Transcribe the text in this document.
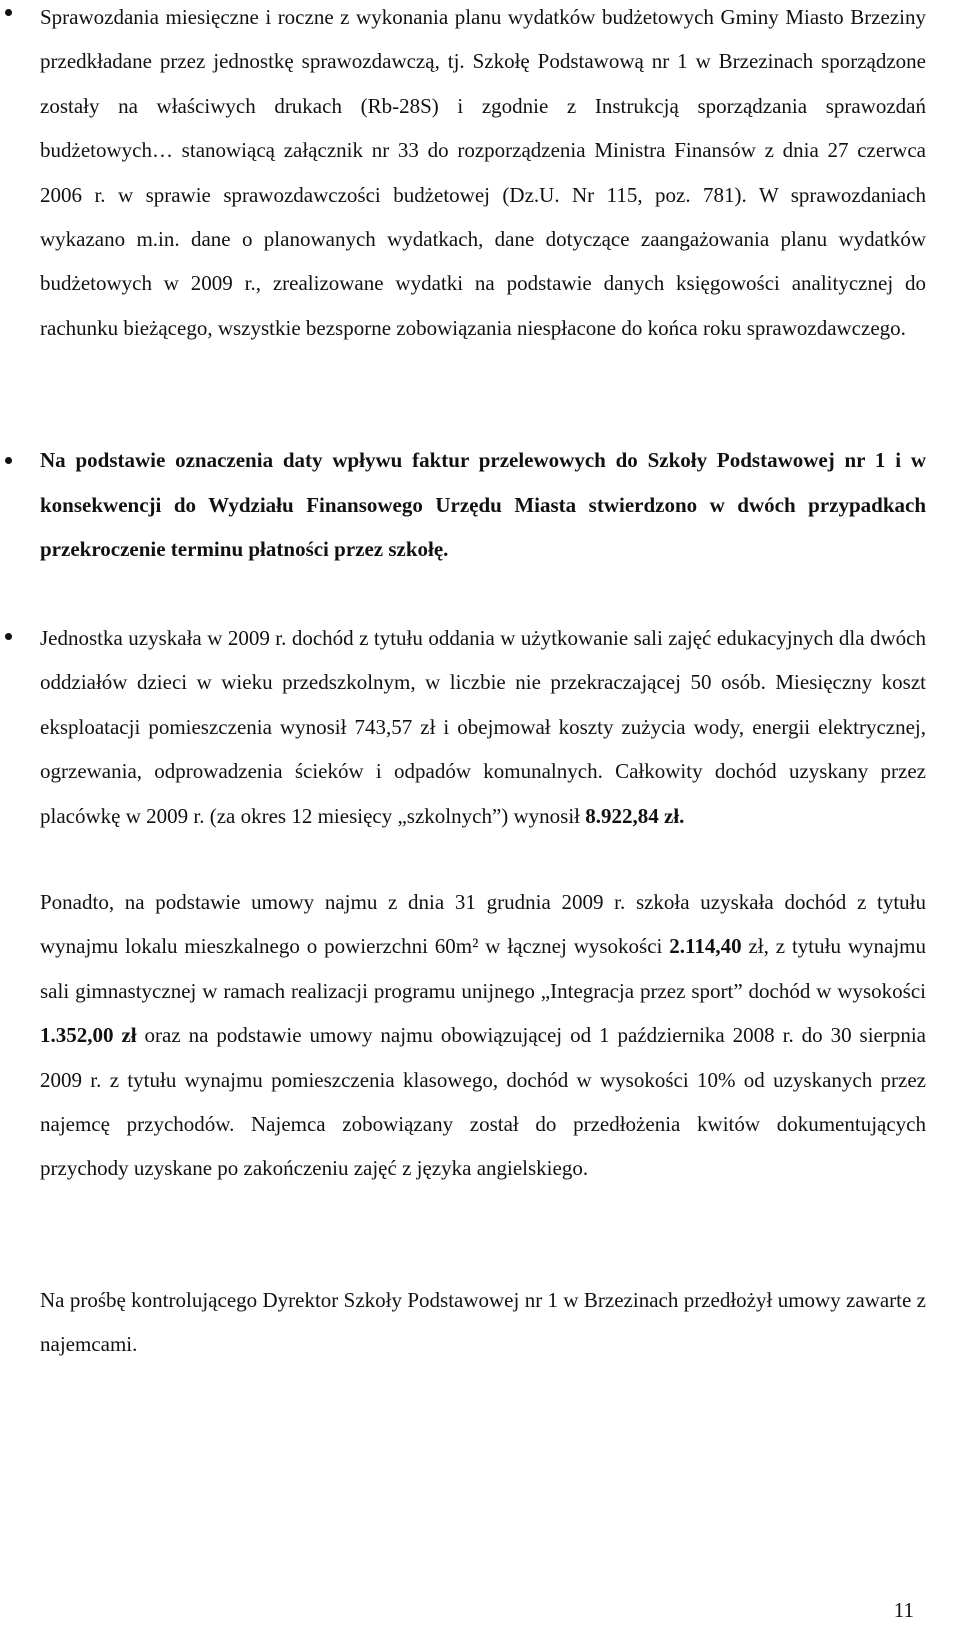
Sprawozdania miesięczne i roczne z wykonania planu wydatków budżetowych Gminy Miasto Brzeziny przedkładane przez jednostkę sprawozdawczą, tj. Szkołę Podstawową nr 1 w Brzezinach sporządzone zostały na właściwych drukach (Rb-28S) i zgodnie z Instrukcją sporządzania sprawozdań budżetowych… stanowiącą załącznik nr 33 do rozporządzenia Ministra Finansów z dnia 27 czerwca 2006 r. w sprawie sprawozdawczości budżetowej (Dz.U. Nr 115, poz. 781). W sprawozdaniach wykazano m.in. dane o planowanych wydatkach, dane dotyczące zaangażowania planu wydatków budżetowych w 2009 r., zrealizowane wydatki na podstawie danych księgowości analitycznej do rachunku bieżącego, wszystkie bezsporne zobowiązania niespłacone do końca roku sprawozdawczego.

Na podstawie oznaczenia daty wpływu faktur przelewowych do Szkoły Podstawowej nr 1 i w konsekwencji do Wydziału Finansowego Urzędu Miasta stwierdzono w dwóch przypadkach przekroczenie terminu płatności przez szkołę.

Jednostka uzyskała w 2009 r. dochód z tytułu oddania w użytkowanie sali zajęć edukacyjnych dla dwóch oddziałów dzieci w wieku przedszkolnym, w liczbie nie przekraczającej 50 osób. Miesięczny koszt eksploatacji pomieszczenia wynosił 743,57 zł i obejmował koszty zużycia wody, energii elektrycznej, ogrzewania, odprowadzenia ścieków i odpadów komunalnych. Całkowity dochód uzyskany przez placówkę w 2009 r. (za okres 12 miesięcy „szkolnych”) wynosił 8.922,84 zł.

Ponadto, na podstawie umowy najmu z dnia 31 grudnia 2009 r. szkoła uzyskała dochód z tytułu wynajmu lokalu mieszkalnego o powierzchni 60m² w łącznej wysokości 2.114,40 zł, z tytułu wynajmu sali gimnastycznej w ramach realizacji programu unijnego „Integracja przez sport” dochód w wysokości 1.352,00 zł oraz na podstawie umowy najmu obowiązującej od 1 października 2008 r. do 30 sierpnia 2009 r. z tytułu wynajmu pomieszczenia klasowego, dochód w wysokości 10% od uzyskanych przez najemcę przychodów. Najemca zobowiązany został do przedłożenia kwitów dokumentujących przychody uzyskane po zakończeniu zajęć z języka angielskiego.

Na prośbę kontrolującego Dyrektor Szkoły Podstawowej nr 1 w Brzezinach przedłożył umowy zawarte z najemcami.

11
